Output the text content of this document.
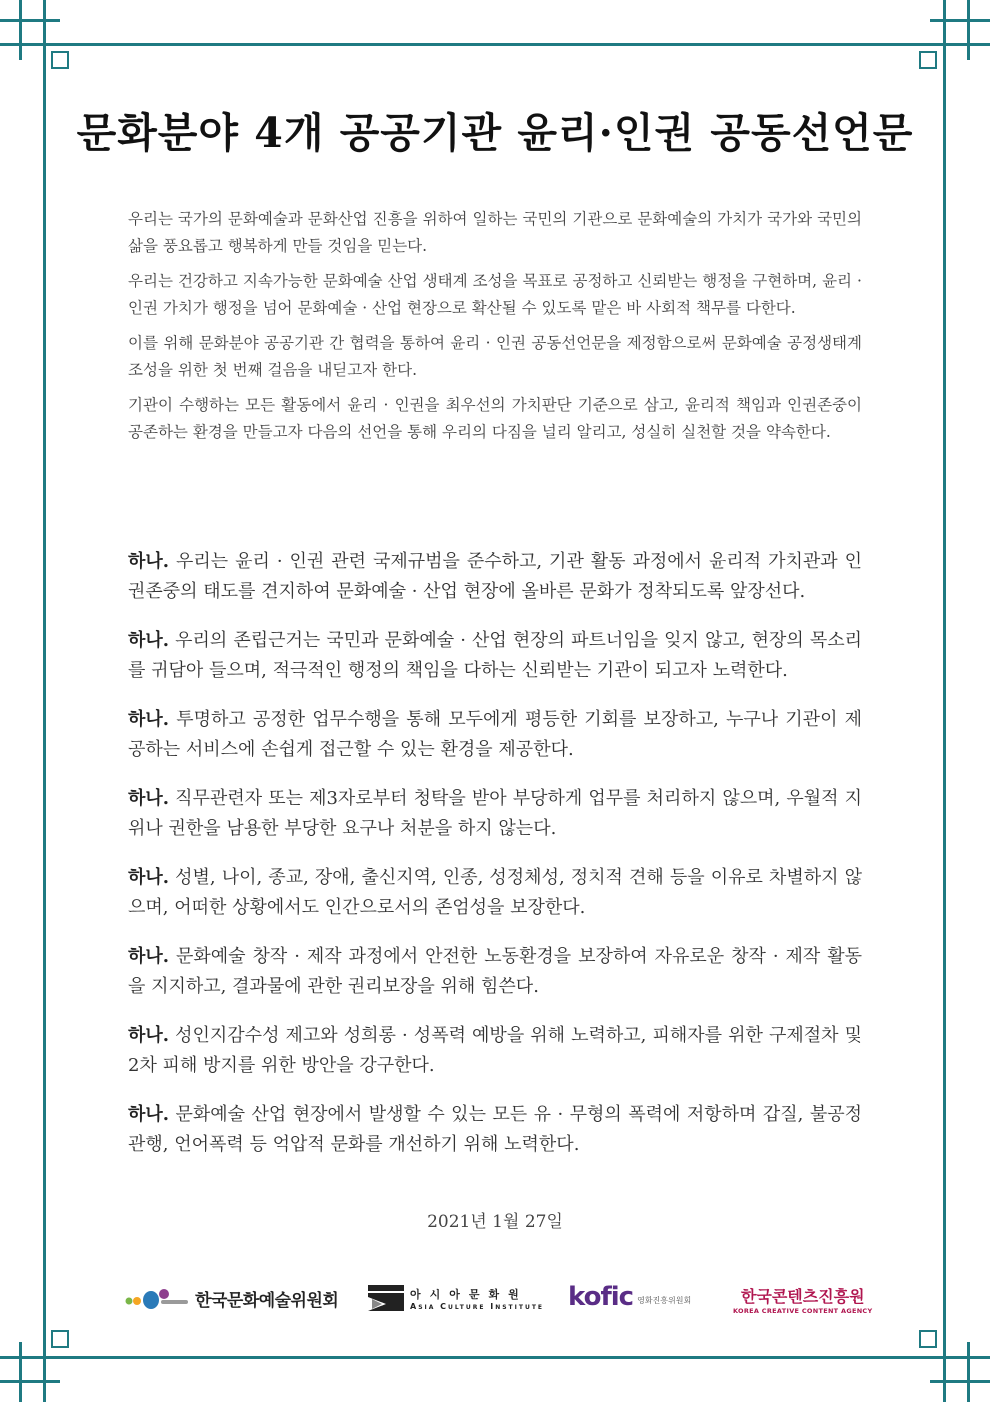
문화분야 4개 공공기관 윤리·인권 공동선언문

우리는 국가의 문화예술과 문화산업 진흥을 위하여 일하는 국민의 기관으로 문화예술의 가치가 국가와 국민의 삶을 풍요롭고 행복하게 만들 것임을 믿는다.

우리는 건강하고 지속가능한 문화예술 산업 생태계 조성을 목표로 공정하고 신뢰받는 행정을 구현하며, 윤리 · 인권 가치가 행정을 넘어 문화예술 · 산업 현장으로 확산될 수 있도록 맡은 바 사회적 책무를 다한다.

이를 위해 문화분야 공공기관 간 협력을 통하여 윤리 · 인권 공동선언문을 제정함으로써 문화예술 공정생태계 조성을 위한 첫 번째 걸음을 내딛고자 한다.

기관이 수행하는 모든 활동에서 윤리 · 인권을 최우선의 가치판단 기준으로 삼고, 윤리적 책임과 인권존중이 공존하는 환경을 만들고자 다음의 선언을 통해 우리의 다짐을 널리 알리고, 성실히 실천할 것을 약속한다.

하나. 우리는 윤리 · 인권 관련 국제규범을 준수하고, 기관 활동 과정에서 윤리적 가치관과 인권존중의 태도를 견지하여 문화예술 · 산업 현장에 올바른 문화가 정착되도록 앞장선다.

하나. 우리의 존립근거는 국민과 문화예술 · 산업 현장의 파트너임을 잊지 않고, 현장의 목소리를 귀담아 들으며, 적극적인 행정의 책임을 다하는 신뢰받는 기관이 되고자 노력한다.

하나. 투명하고 공정한 업무수행을 통해 모두에게 평등한 기회를 보장하고, 누구나 기관이 제공하는 서비스에 손쉽게 접근할 수 있는 환경을 제공한다.

하나. 직무관련자 또는 제3자로부터 청탁을 받아 부당하게 업무를 처리하지 않으며, 우월적 지위나 권한을 남용한 부당한 요구나 처분을 하지 않는다.

하나. 성별, 나이, 종교, 장애, 출신지역, 인종, 성정체성, 정치적 견해 등을 이유로 차별하지 않으며, 어떠한 상황에서도 인간으로서의 존엄성을 보장한다.

하나. 문화예술 창작 · 제작 과정에서 안전한 노동환경을 보장하여 자유로운 창작 · 제작 활동을 지지하고, 결과물에 관한 권리보장을 위해 힘쓴다.

하나. 성인지감수성 제고와 성희롱 · 성폭력 예방을 위해 노력하고, 피해자를 위한 구제절차 및 2차 피해 방지를 위한 방안을 강구한다.

하나. 문화예술 산업 현장에서 발생할 수 있는 모든 유 · 무형의 폭력에 저항하며 갑질, 불공정관행, 언어폭력 등 억압적 문화를 개선하기 위해 노력한다.

2021년 1월 27일
한국문화예술위원회	아시아문화원
Asia Culture Institute kofic 영화진흥위원회	한국콘텐츠진흥원
KOREA CREATIVE CONTENT AGENCY
